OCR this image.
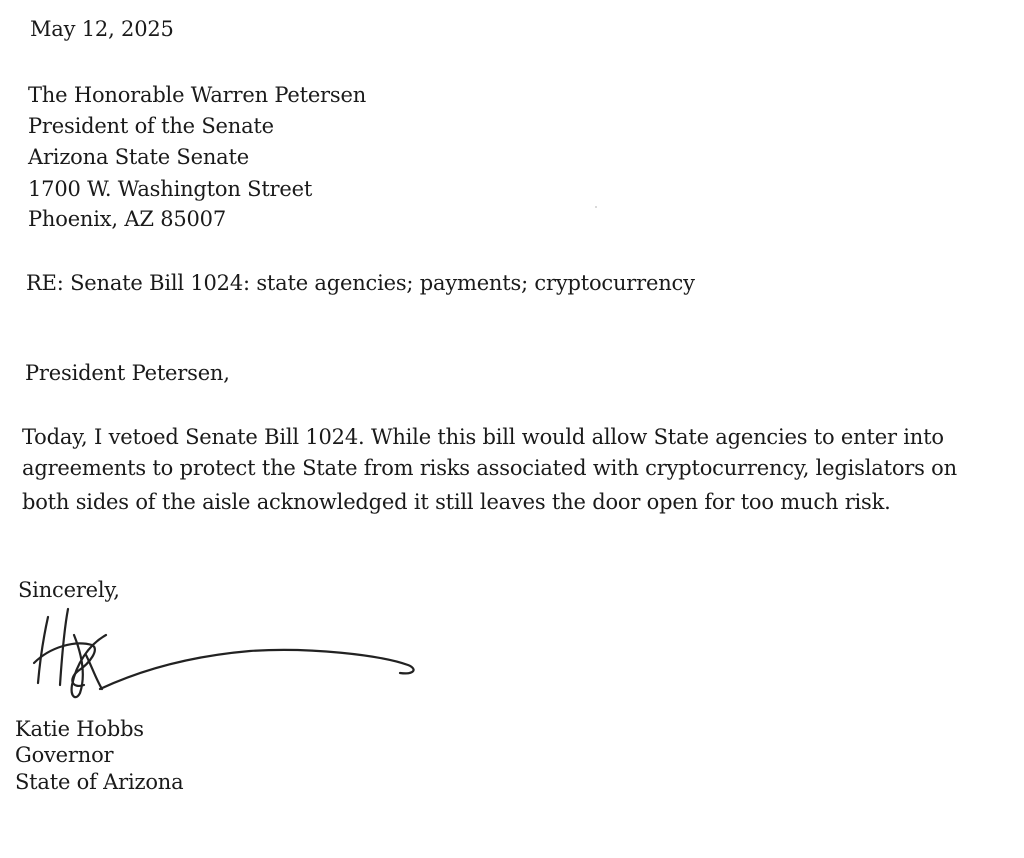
May 12, 2025
The Honorable Warren Petersen
President of the Senate
Arizona State Senate
1700 W. Washington Street
Phoenix, AZ 85007
RE: Senate Bill 1024: state agencies; payments; cryptocurrency
President Petersen,
Today, I vetoed Senate Bill 1024. While this bill would allow State agencies to enter into
agreements to protect the State from risks associated with cryptocurrency, legislators on
both sides of the aisle acknowledged it still leaves the door open for too much risk.
Sincerely,
Katie Hobbs
Governor
State of Arizona
